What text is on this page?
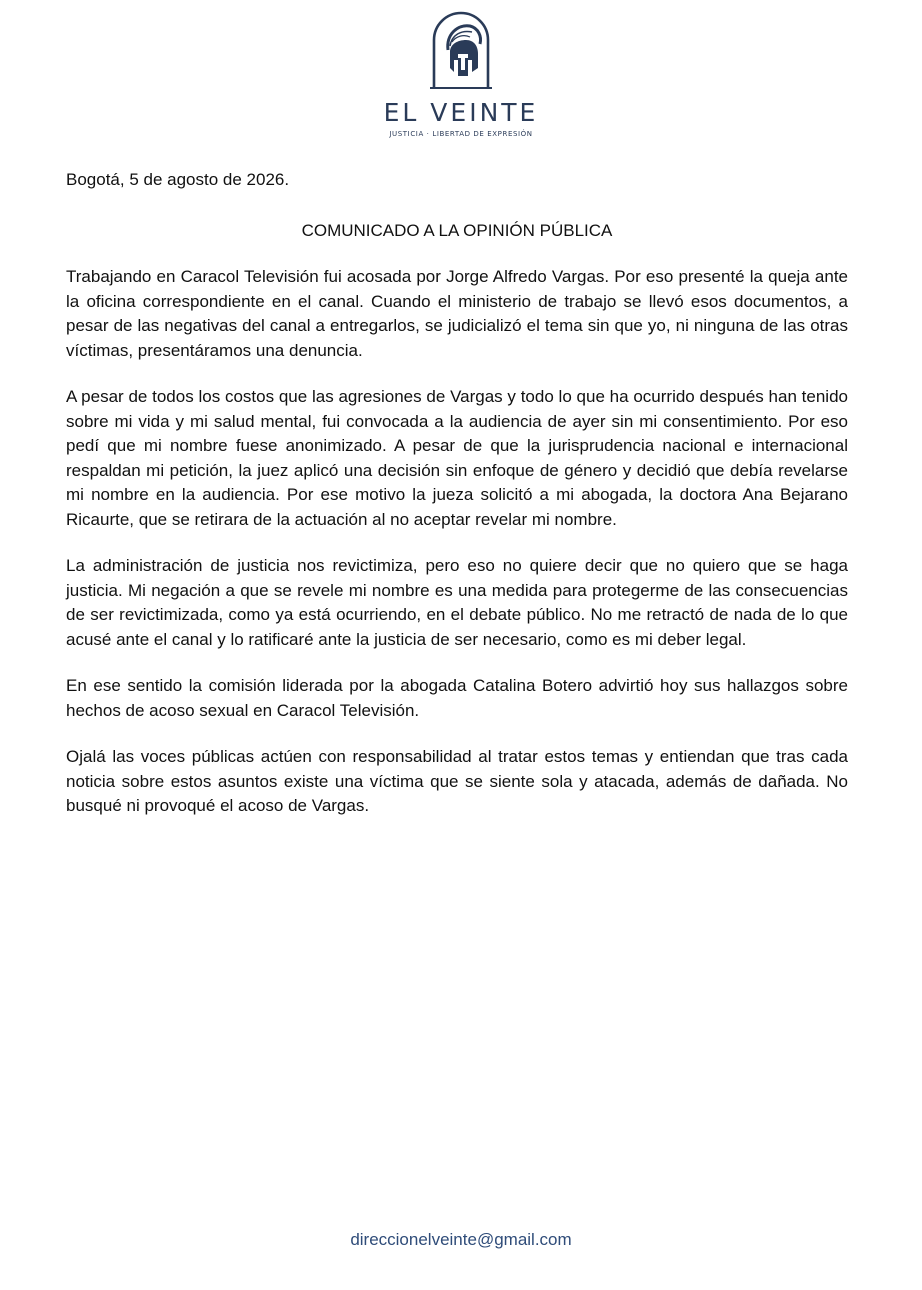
EL VEINTE
JUSTICIA · LIBERTAD DE EXPRESIÓN

Bogotá, 5 de agosto de 2026.

COMUNICADO A LA OPINIÓN PÚBLICA

Trabajando en Caracol Televisión fui acosada por Jorge Alfredo Vargas. Por eso presenté la queja ante la oficina correspondiente en el canal. Cuando el ministerio de trabajo se llevó esos documentos, a pesar de las negativas del canal a entregarlos, se judicializó el tema sin que yo, ni ninguna de las otras víctimas, presentáramos una denuncia.

A pesar de todos los costos que las agresiones de Vargas y todo lo que ha ocurrido después han tenido sobre mi vida y mi salud mental, fui convocada a la audiencia de ayer sin mi consentimiento. Por eso pedí que mi nombre fuese anonimizado. A pesar de que la jurisprudencia nacional e internacional respaldan mi petición, la juez aplicó una decisión sin enfoque de género y decidió que debía revelarse mi nombre en la audiencia. Por ese motivo la jueza solicitó a mi abogada, la doctora Ana Bejarano Ricaurte, que se retirara de la actuación al no aceptar revelar mi nombre.

La administración de justicia nos revictimiza, pero eso no quiere decir que no quiero que se haga justicia. Mi negación a que se revele mi nombre es una medida para protegerme de las consecuencias de ser revictimizada, como ya está ocurriendo, en el debate público. No me retractó de nada de lo que acusé ante el canal y lo ratificaré ante la justicia de ser necesario, como es mi deber legal.

En ese sentido la comisión liderada por la abogada Catalina Botero advirtió hoy sus hallazgos sobre hechos de acoso sexual en Caracol Televisión.

Ojalá las voces públicas actúen con responsabilidad al tratar estos temas y entiendan que tras cada noticia sobre estos asuntos existe una víctima que se siente sola y atacada, además de dañada. No busqué ni provoqué el acoso de Vargas.

direccionelveinte@gmail.com
